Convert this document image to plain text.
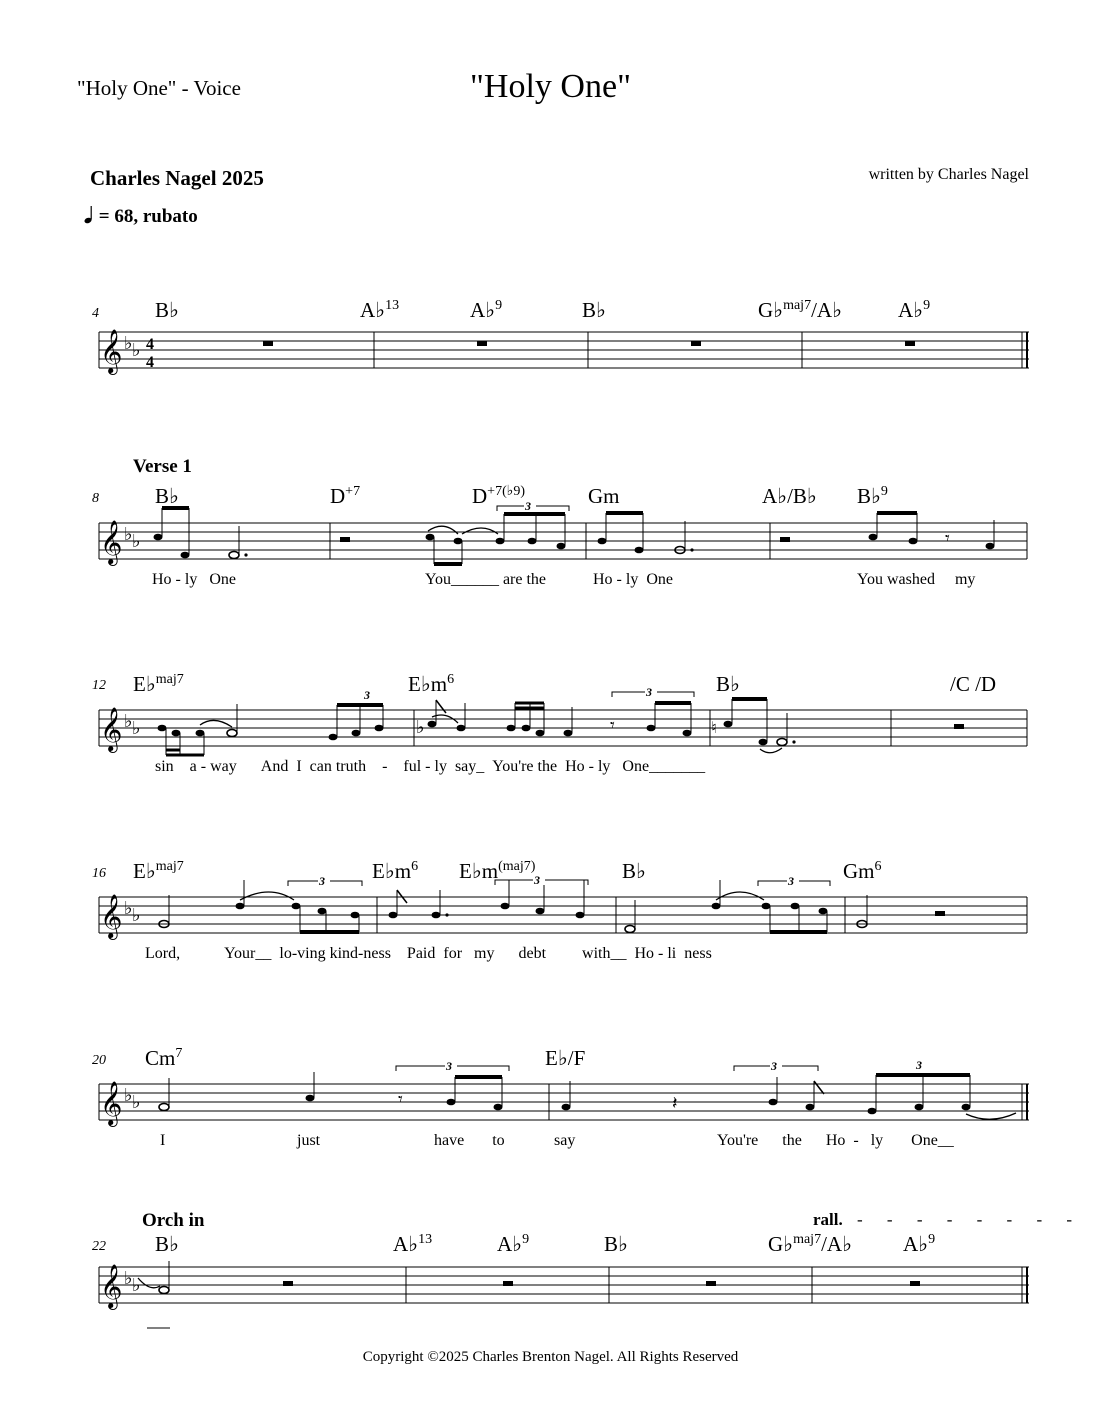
"Holy One" - Voice	"Holy One"
Charles Nagel 2025	written by Charles Nagel
= 68, rubato
4	B♭	A♭$^{13}$	A♭$^9$	B♭	G♭$^{maj7}$/A♭	A♭$^9$
𝄞 ♭ ♭ 4
4
Verse 1
8	B♭	$D^{+7}$	$D^{+7(♭9)}$	Gm	A♭/B♭ B♭$^9$
𝄞 ♭ ♭
3
𝄾
Ho - ly   One	You______ are the	Ho - ly  One	You washed     my
12 E♭$^{maj7}$	$E♭m^6$	B♭	/C /D
𝄞 ♭ ♭
3
♭	𝄾
3
♮
sin    a - way      And  I  can truth    -    ful - ly  say_  You're the  Ho - ly   One_______
16 E♭$^{maj7}$	$E♭m^6$ $E♭m^{(maj7)}$	B♭	Gm$^6$
𝄞 ♭ ♭
3	3	3
Lord,           Your__  lo-ving kind-ness    Paid  for   my      debt         with__  Ho - li  ness
20 Cm$^7$	E♭/F
𝄞 ♭ ♭	𝄾
3
𝄽
3	3
I	just	have       to	say	You're      the      Ho  -   ly       One__
Orch in	rall. - - - - - - - -
22 B♭	A♭$^{13}$	A♭$^9$	B♭	G♭$^{maj7}$/A♭ A♭$^9$
𝄞 ♭ ♭
Copyright ©2025 Charles Brenton Nagel. All Rights Reserved
